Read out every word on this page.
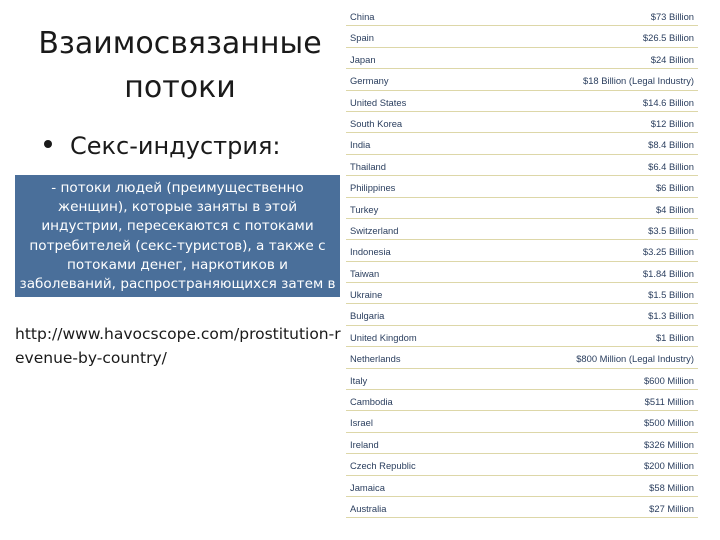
Взаимосвязанные
потоки
Секс-индустрия:
- потоки людей (преимущественно женщин), которые заняты в этой индустрии, пересекаются с потоками потребителей (секс-туристов), а также с потоками денег, наркотиков и заболеваний, распространяющихся затем в других странах
http://www.havocscope.com/prostitution-revenue-by-country/
China	$73 Billion
Spain	$26.5 Billion
Japan	$24 Billion
Germany	$18 Billion (Legal Industry)
United States	$14.6 Billion
South Korea	$12 Billion
India	$8.4 Billion
Thailand	$6.4 Billion
Philippines	$6 Billion
Turkey	$4 Billion
Switzerland	$3.5 Billion
Indonesia	$3.25 Billion
Taiwan	$1.84 Billion
Ukraine	$1.5 Billion
Bulgaria	$1.3 Billion
United Kingdom	$1 Billion
Netherlands	$800 Million (Legal Industry)
Italy	$600 Million
Cambodia	$511 Million
Israel	$500 Million
Ireland	$326 Million
Czech Republic	$200 Million
Jamaica	$58 Million
Australia	$27 Million
